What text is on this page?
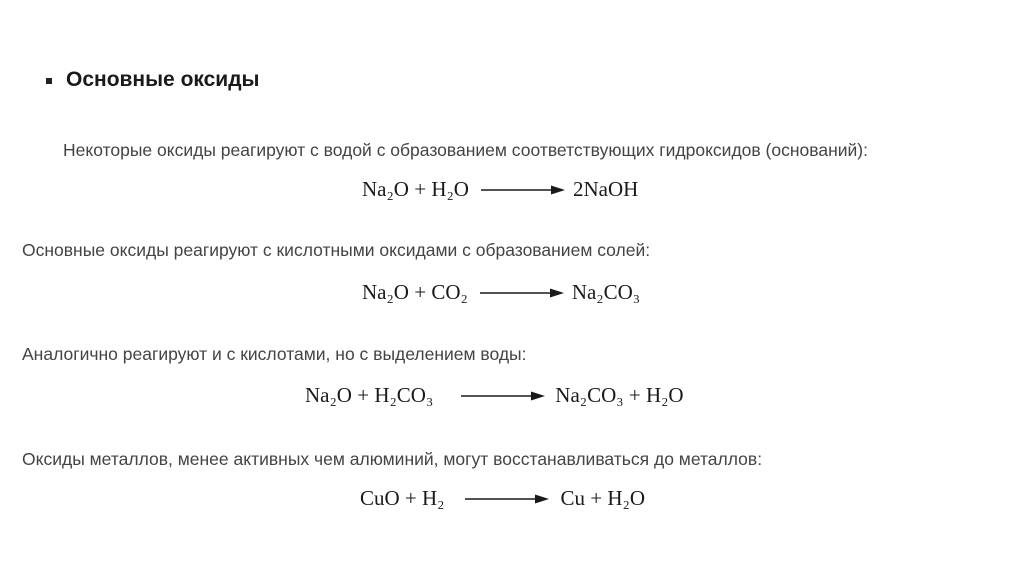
Основные оксиды
Некоторые оксиды реагируют с водой с образованием соответствующих гидроксидов (оснований):
Na₂O + H₂O → 2NaOH
Основные оксиды реагируют с кислотными оксидами с образованием солей:
Na₂O + CO₂ → Na₂CO₃
Аналогично реагируют и с кислотами, но с выделением воды:
Na₂O + H₂CO₃ → Na₂CO₃ + H₂O
Оксиды металлов, менее активных чем алюминий, могут восстанавливаться до металлов:
CuO + H₂ → Cu + H₂O
